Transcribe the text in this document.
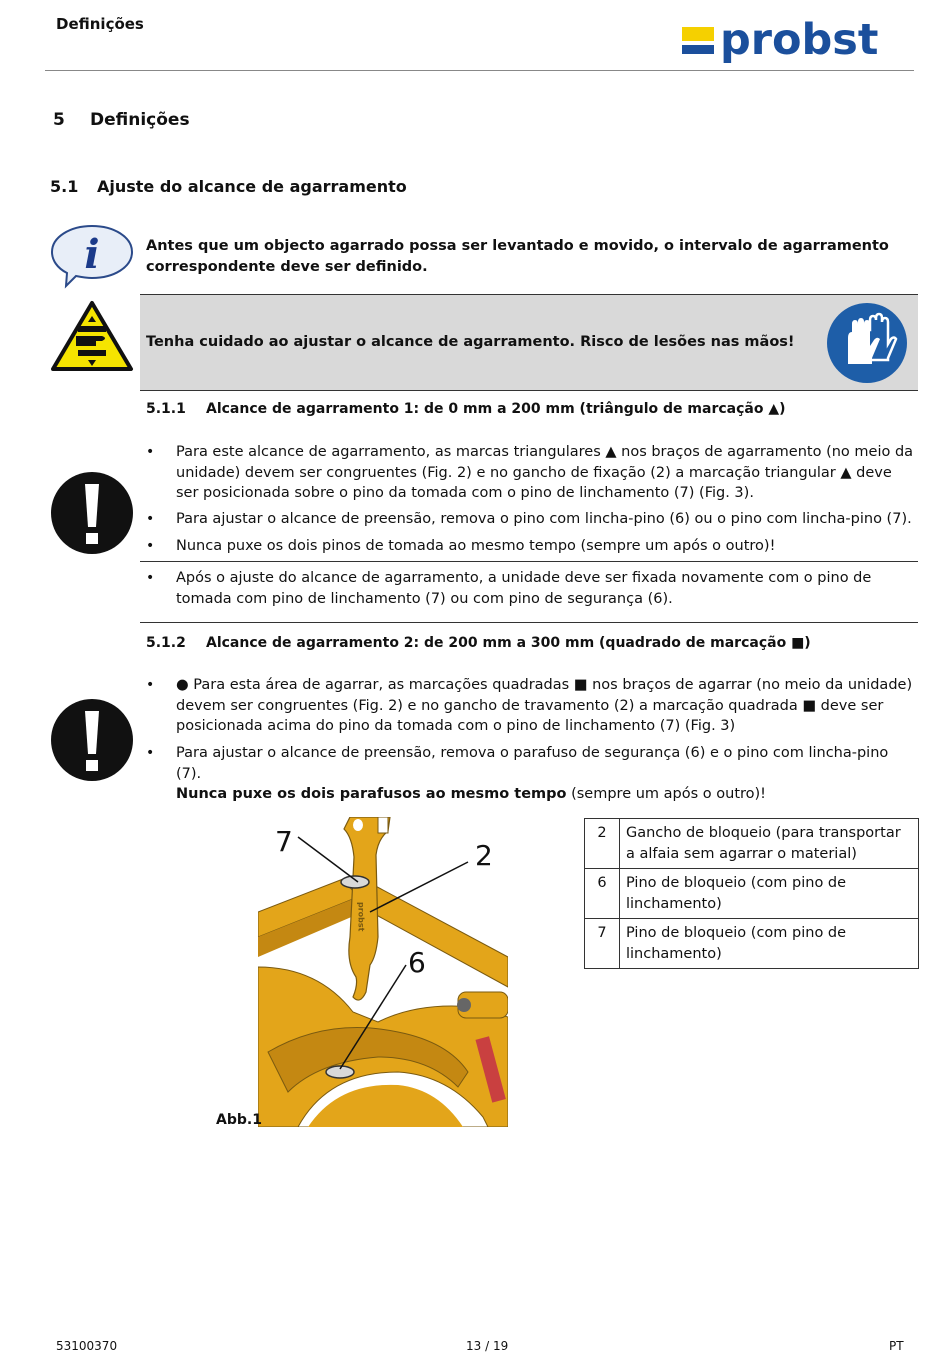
Definições	probst
5 Definições
5.1 Ajuste do alcance de agarramento
i	Antes que um objecto agarrado possa ser levantado e movido, o intervalo de agarramento correspondente deve ser definido.
Tenha cuidado ao ajustar o alcance de agarramento. Risco de lesões nas mãos!
5.1.1 Alcance de agarramento 1: de 0 mm a 200 mm (triângulo de marcação ▲)
• Para este alcance de agarramento, as marcas triangulares ▲ nos braços de agarramento (no meio da unidade) devem ser congruentes (Fig. 2) e no gancho de fixação (2) a marcação triangular ▲ deve ser posicionada sobre o pino da tomada com o pino de linchamento (7) (Fig. 3).
• Para ajustar o alcance de preensão, remova o pino com lincha-pino (6) ou o pino com lincha-pino (7).
• Nunca puxe os dois pinos de tomada ao mesmo tempo (sempre um após o outro)!
• Após o ajuste do alcance de agarramento, a unidade deve ser fixada novamente com o pino de tomada com pino de linchamento (7) ou com pino de segurança (6).
5.1.2 Alcance de agarramento 2: de 200 mm a 300 mm (quadrado de marcação ■)
• ● Para esta área de agarrar, as marcações quadradas ■ nos braços de agarrar (no meio da unidade) devem ser congruentes (Fig. 2) e no gancho de travamento (2) a marcação quadrada ■ deve ser posicionada acima do pino da tomada com o pino de linchamento (7) (Fig. 3)
• Para ajustar o alcance de preensão, remova o parafuso de segurança (6) e o pino com lincha-pino (7).
Nunca puxe os dois parafusos ao mesmo tempo (sempre um após o outro)!
probst
7	2
6
Abb.1
2	Gancho de bloqueio (para transportar a alfaia sem agarrar o material)
6	Pino de bloqueio (com pino de linchamento)
7	Pino de bloqueio (com pino de linchamento)
53100370	13 / 19	PT
